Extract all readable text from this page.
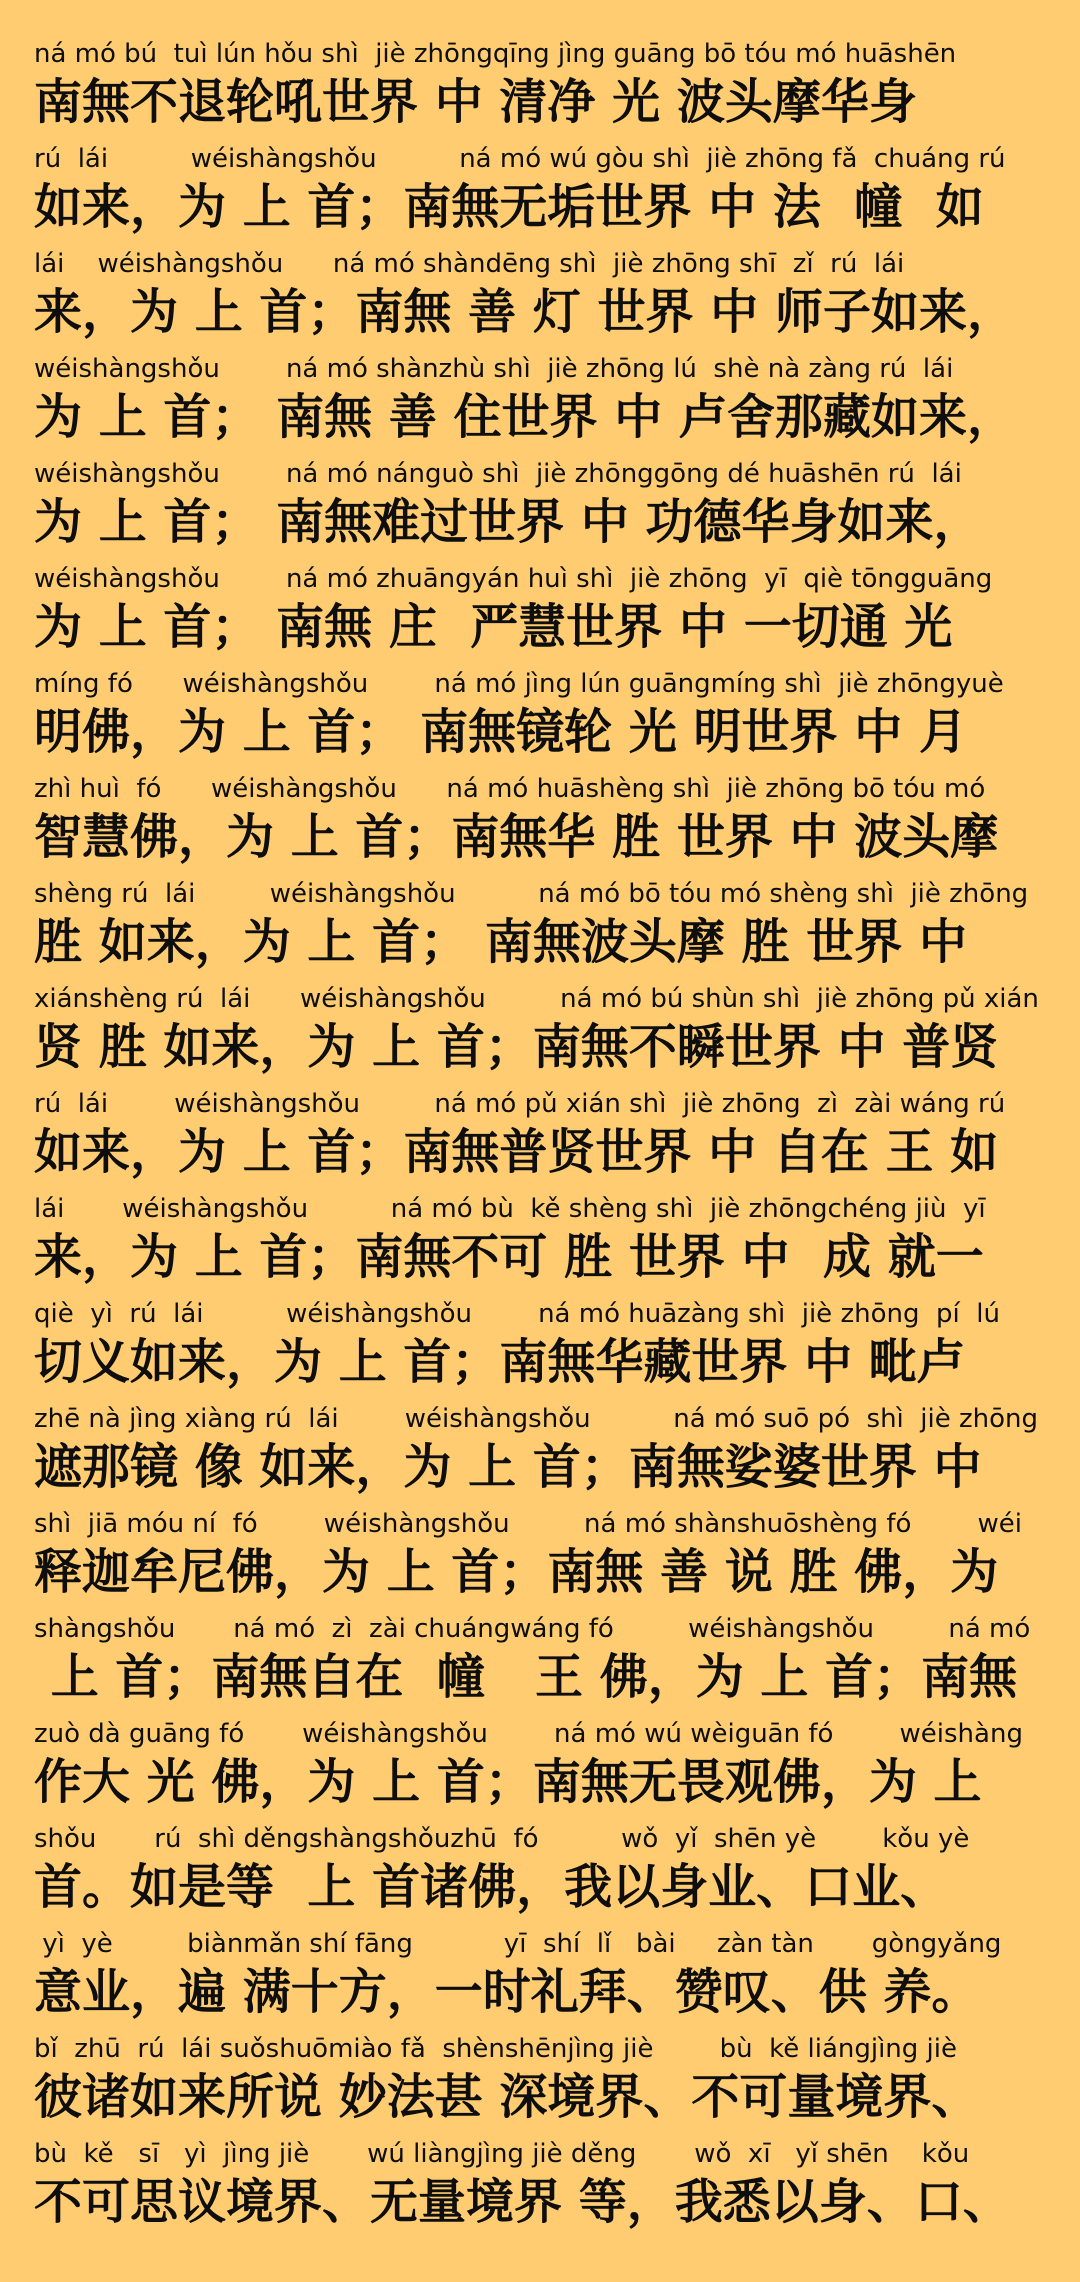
ná mó bú  tuì lún hǒu shì  jiè zhōngqīng jìng guāng bō tóu mó huāshēn
南無不退轮吼世界 中 清净 光 波头摩华身
rú  lái          wéishàngshǒu          ná mó wú gòu shì  jiè zhōng fǎ  chuáng rú
如来，为 上 首；南無无垢世界 中 法  幢  如
lái    wéishàngshǒu      ná mó shàndēng shì  jiè zhōng shī  zǐ  rú  lái
来，为 上 首；南無 善 灯 世界 中 师子如来，
wéishàngshǒu        ná mó shànzhù shì  jiè zhōng lú  shè nà zàng rú  lái
为 上 首； 南無 善 住世界 中 卢舍那藏如来，
wéishàngshǒu        ná mó nánguò shì  jiè zhōnggōng dé huāshēn rú  lái
为 上 首； 南無难过世界 中 功德华身如来，
wéishàngshǒu        ná mó zhuāngyán huì shì  jiè zhōng  yī  qiè tōngguāng
为 上 首； 南無 庄  严慧世界 中 一切通 光
míng fó      wéishàngshǒu        ná mó jìng lún guāngmíng shì  jiè zhōngyuè
明佛，为 上 首； 南無镜轮 光 明世界 中 月
zhì huì  fó      wéishàngshǒu      ná mó huāshèng shì  jiè zhōng bō tóu mó
智慧佛，为 上 首；南無华 胜 世界 中 波头摩
shèng rú  lái         wéishàngshǒu          ná mó bō tóu mó shèng shì  jiè zhōng
胜 如来，为 上 首； 南無波头摩 胜 世界 中
xiánshèng rú  lái      wéishàngshǒu         ná mó bú shùn shì  jiè zhōng pǔ xián
贤 胜 如来，为 上 首；南無不瞬世界 中 普贤
rú  lái        wéishàngshǒu         ná mó pǔ xián shì  jiè zhōng  zì  zài wáng rú
如来，为 上 首；南無普贤世界 中 自在 王 如
lái       wéishàngshǒu          ná mó bù  kě shèng shì  jiè zhōngchéng jiù  yī
来，为 上 首；南無不可 胜 世界 中  成 就一
qiè  yì  rú  lái          wéishàngshǒu        ná mó huāzàng shì  jiè zhōng  pí  lú
切义如来，为 上 首；南無华藏世界 中 毗卢
zhē nà jìng xiàng rú  lái        wéishàngshǒu          ná mó suō pó  shì  jiè zhōng
遮那镜 像 如来，为 上 首；南無娑婆世界 中
shì  jiā móu ní  fó        wéishàngshǒu         ná mó shànshuōshèng fó        wéi
释迦牟尼佛，为 上 首；南無 善 说 胜 佛，为
shàngshǒu       ná mó  zì  zài chuángwáng fó         wéishàngshǒu         ná mó
上 首；南無自在  幢   王 佛，为 上 首；南無
zuò dà guāng fó       wéishàngshǒu        ná mó wú wèiguān fó        wéishàng
作大 光 佛，为 上 首；南無无畏观佛，为 上
shǒu       rú  shì děngshàngshǒuzhū  fó          wǒ  yǐ  shēn yè        kǒu yè
首。如是等  上 首诸佛，我以身业、口业、
yì  yè         biànmǎn shí fāng           yī  shí  lǐ   bài     zàn tàn       gòngyǎng
意业，遍 满十方，一时礼拜、赞叹、供 养。
bǐ  zhū  rú  lái suǒshuōmiào fǎ  shènshēnjìng jiè        bù  kě liángjìng jiè
彼诸如来所说 妙法甚 深境界、不可量境界、
bù  kě   sī   yì  jìng jiè       wú liàngjìng jiè děng       wǒ  xī   yǐ shēn    kǒu
不可思议境界、无量境界 等，我悉以身、口、
